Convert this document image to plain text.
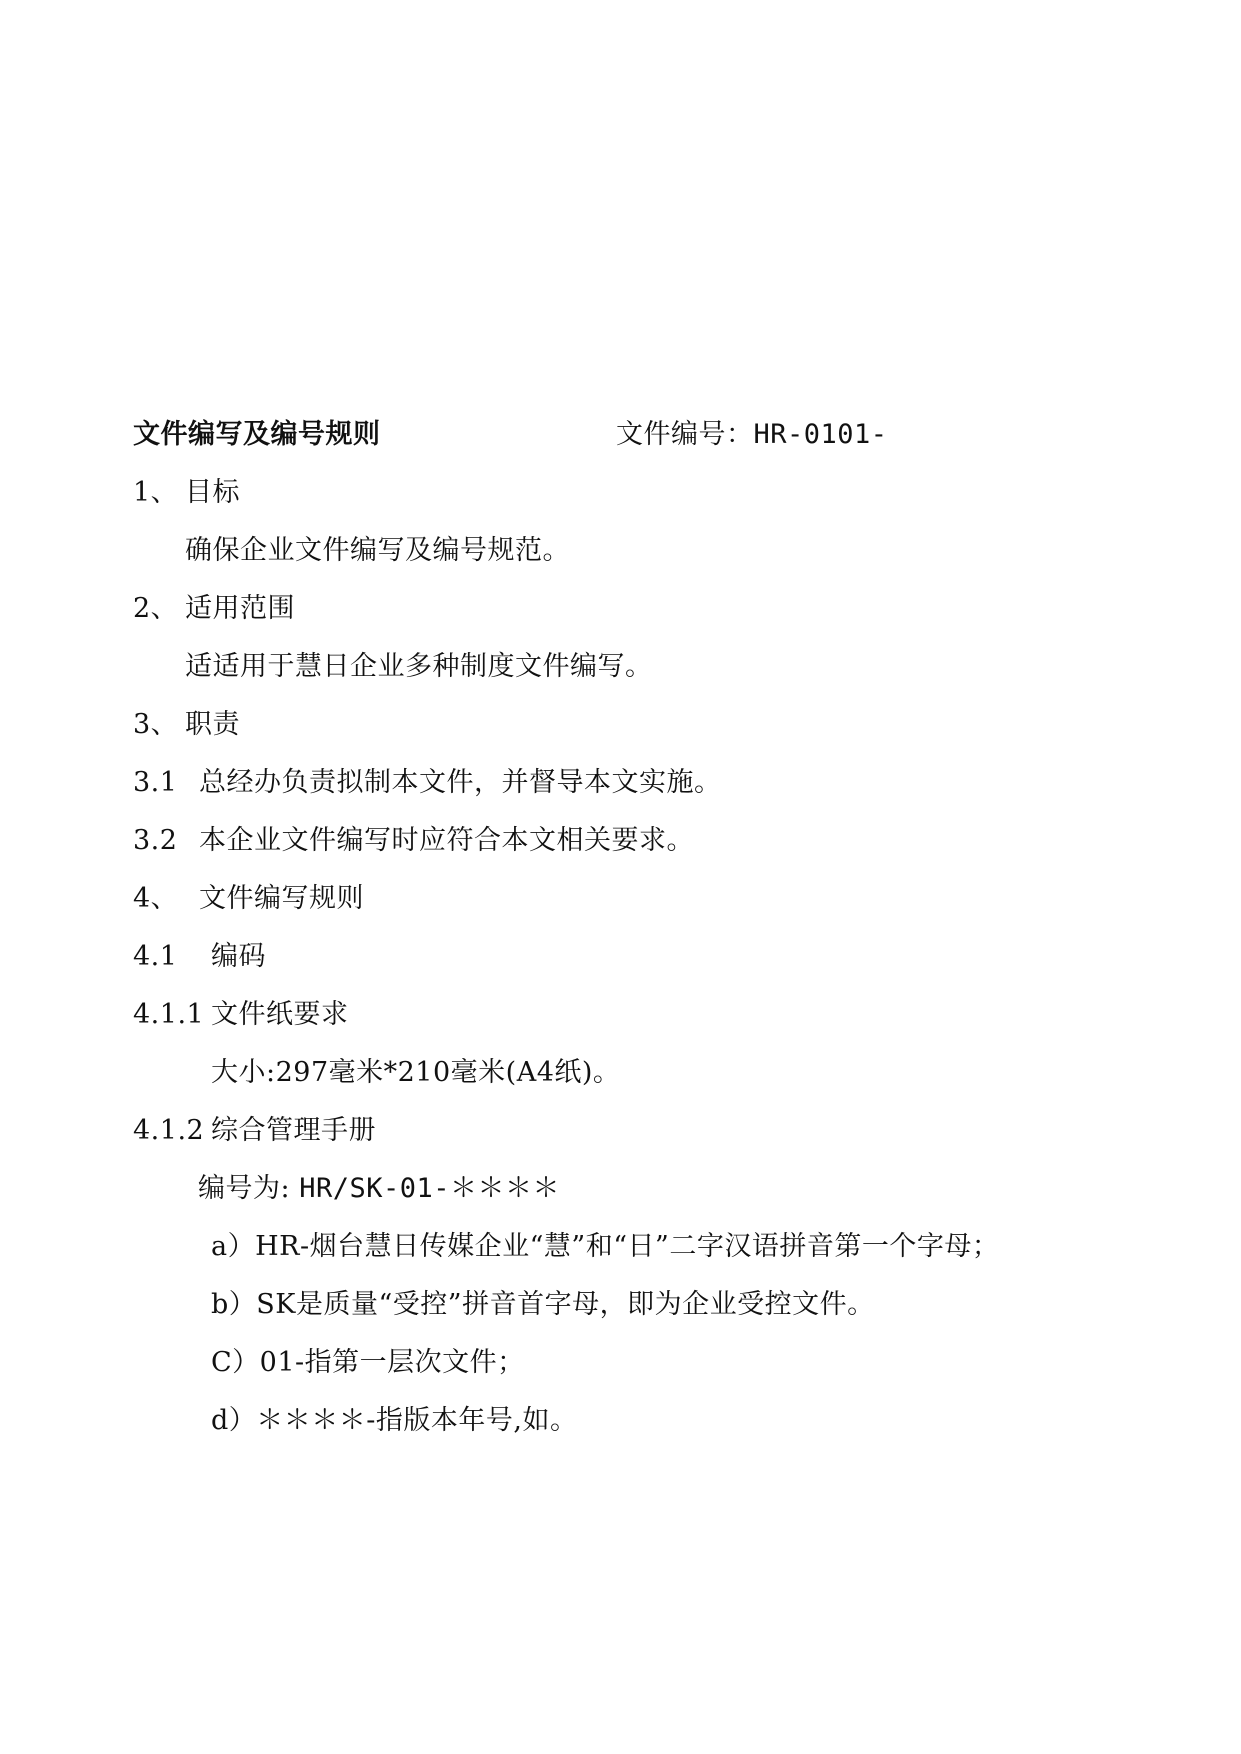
文件编写及编号规则	文件编号：HR-0101-
1、 目标
确保企业文件编写及编号规范。
2、 适用范围
适适用于慧日企业多种制度文件编写。
3、 职责
3.1 总经办负责拟制本文件，并督导本文实施。
3.2 本企业文件编写时应符合本文相关要求。
4、 文件编写规则
4.1 编码
4.1.1 文件纸要求
大小:297毫米*210毫米(A4纸)。
4.1.2 综合管理手册
编号为: HR/SK-01-＊＊＊＊
a）HR-烟台慧日传媒企业“慧”和“日”二字汉语拼音第一个字母；
b）SK是质量“受控”拼音首字母，即为企业受控文件。
C）01-指第一层次文件；
d）＊＊＊＊-指版本年号,如。
